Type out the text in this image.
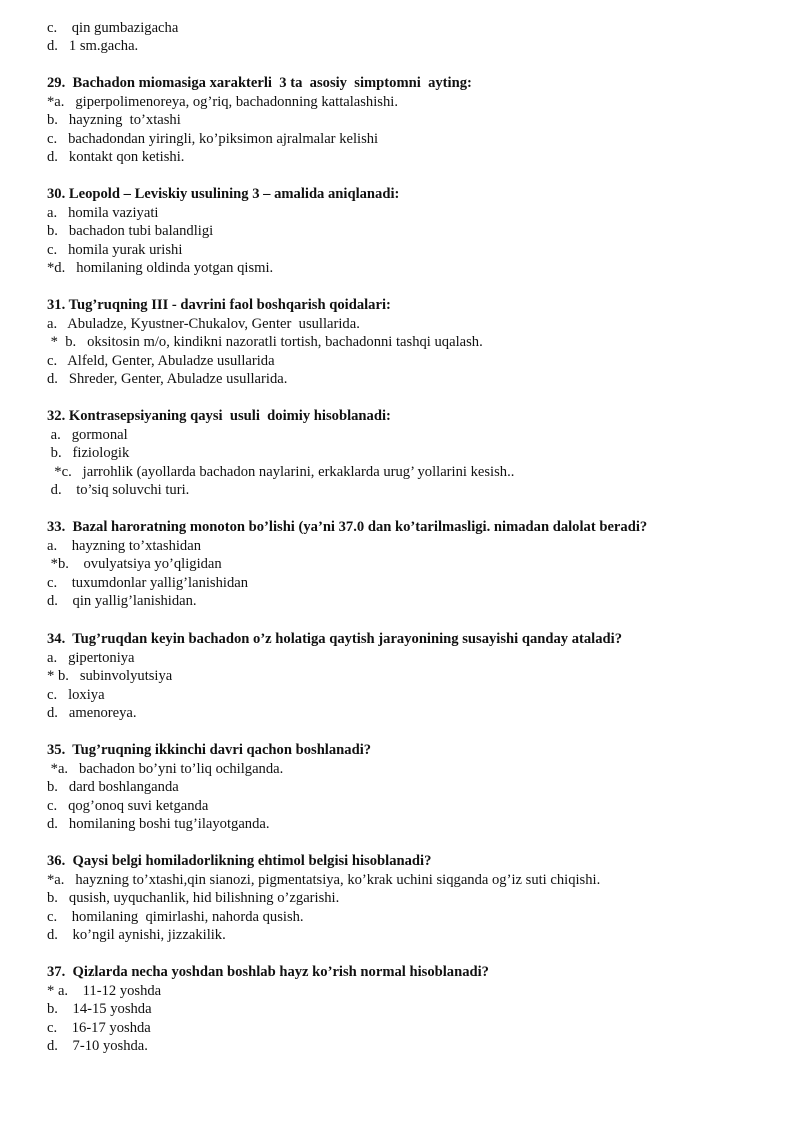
c.    qin gumbazigacha
d.   1 sm.gacha.
29.  Bachadon miomasiga xarakterli  3 ta  asosiy  simptomni  ayting:
*a.   giperpolimenoreya, og’riq, bachadonning kattalashishi.
b.   hayzning  to’xtashi
c.   bachadondan yiringli, ko’piksimon ajralmalar kelishi
d.   kontakt qon ketishi.
30. Leopold – Leviskiy usulining 3 – amalida aniqlanadi:
a.   homila vaziyati
b.   bachadon tubi balandligi
c.   homila yurak urishi
*d.   homilaning oldinda yotgan qismi.
31. Tug’ruqning III - davrini faol boshqarish qoidalari:
a.   Abuladze, Kyustner-Chukalov, Genter  usullarida.
*  b.   oksitosin m/o, kindikni nazoratli tortish, bachadonni tashqi uqalash.
c.   Alfeld, Genter, Abuladze usullarida
d.   Shreder, Genter, Abuladze usullarida.
32. Kontrasepsiyaning qaysi  usuli  doimiy hisoblanadi:
a.   gormonal
b.   fiziologik
*c.   jarrohlik (ayollarda bachadon naylarini, erkaklarda urug’ yollarini kesish..
d.    to’siq soluvchi turi.
33.  Bazal haroratning monoton bo’lishi (ya’ni 37.0 dan ko’tarilmasligi. nimadan dalolat beradi?
a.    hayzning to’xtashidan
*b.    ovulyatsiya yo’qligidan
c.    tuxumdonlar yallig’lanishidan
d.    qin yallig’lanishidan.
34.  Tug’ruqdan keyin bachadon o’z holatiga qaytish jarayonining susayishi qanday ataladi?
a.   gipertoniya
* b.   subinvolyutsiya
c.   loxiya
d.   amenoreya.
35.  Tug’ruqning ikkinchi davri qachon boshlanadi?
*a.   bachadon bo’yni to’liq ochilganda.
b.   dard boshlanganda
c.   qog’onoq suvi ketganda
d.   homilaning boshi tug’ilayotganda.
36.  Qaysi belgi homiladorlikning ehtimol belgisi hisoblanadi?
*a.   hayzning to’xtashi,qin sianozi, pigmentatsiya, ko’krak uchini siqganda og’iz suti chiqishi.
b.   qusish, uyquchanlik, hid bilishning o’zgarishi.
c.    homilaning  qimirlashi, nahorda qusish.
d.    ko’ngil aynishi, jizzakilik.
37.  Qizlarda necha yoshdan boshlab hayz ko’rish normal hisoblanadi?
* a.    11-12 yoshda
b.    14-15 yoshda
c.    16-17 yoshda
d.    7-10 yoshda.
